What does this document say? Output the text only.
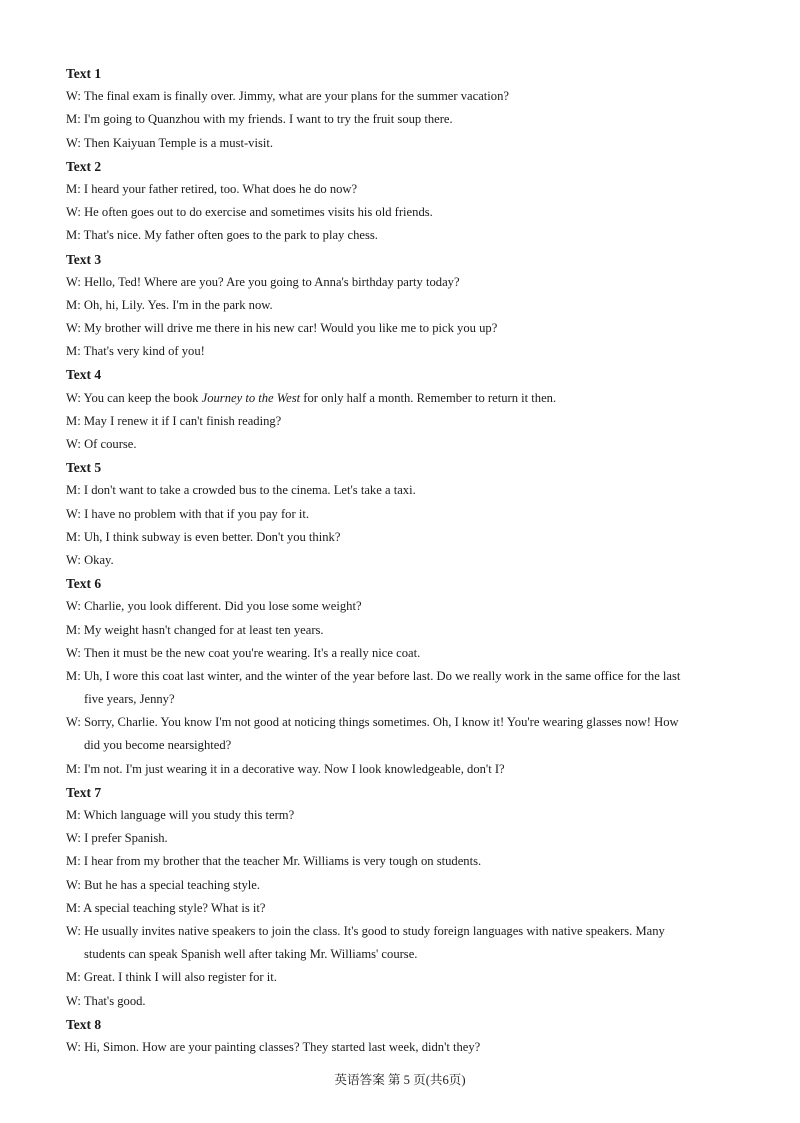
Text 1
W: The final exam is finally over. Jimmy, what are your plans for the summer vacation?
M: I'm going to Quanzhou with my friends. I want to try the fruit soup there.
W: Then Kaiyuan Temple is a must-visit.
Text 2
M: I heard your father retired, too. What does he do now?
W: He often goes out to do exercise and sometimes visits his old friends.
M: That's nice. My father often goes to the park to play chess.
Text 3
W: Hello, Ted! Where are you? Are you going to Anna's birthday party today?
M: Oh, hi, Lily. Yes. I'm in the park now.
W: My brother will drive me there in his new car! Would you like me to pick you up?
M: That's very kind of you!
Text 4
W: You can keep the book Journey to the West for only half a month. Remember to return it then.
M: May I renew it if I can't finish reading?
W: Of course.
Text 5
M: I don't want to take a crowded bus to the cinema. Let's take a taxi.
W: I have no problem with that if you pay for it.
M: Uh, I think subway is even better. Don't you think?
W: Okay.
Text 6
W: Charlie, you look different. Did you lose some weight?
M: My weight hasn't changed for at least ten years.
W: Then it must be the new coat you're wearing. It's a really nice coat.
M: Uh, I wore this coat last winter, and the winter of the year before last. Do we really work in the same office for the last
five years, Jenny?
W: Sorry, Charlie. You know I'm not good at noticing things sometimes. Oh, I know it! You're wearing glasses now! How
did you become nearsighted?
M: I'm not. I'm just wearing it in a decorative way. Now I look knowledgeable, don't I?
Text 7
M: Which language will you study this term?
W: I prefer Spanish.
M: I hear from my brother that the teacher Mr. Williams is very tough on students.
W: But he has a special teaching style.
M: A special teaching style? What is it?
W: He usually invites native speakers to join the class. It's good to study foreign languages with native speakers. Many
students can speak Spanish well after taking Mr. Williams' course.
M: Great. I think I will also register for it.
W: That's good.
Text 8
W: Hi, Simon. How are your painting classes? They started last week, didn't they?
英语答案 第 5 页(共6页)
